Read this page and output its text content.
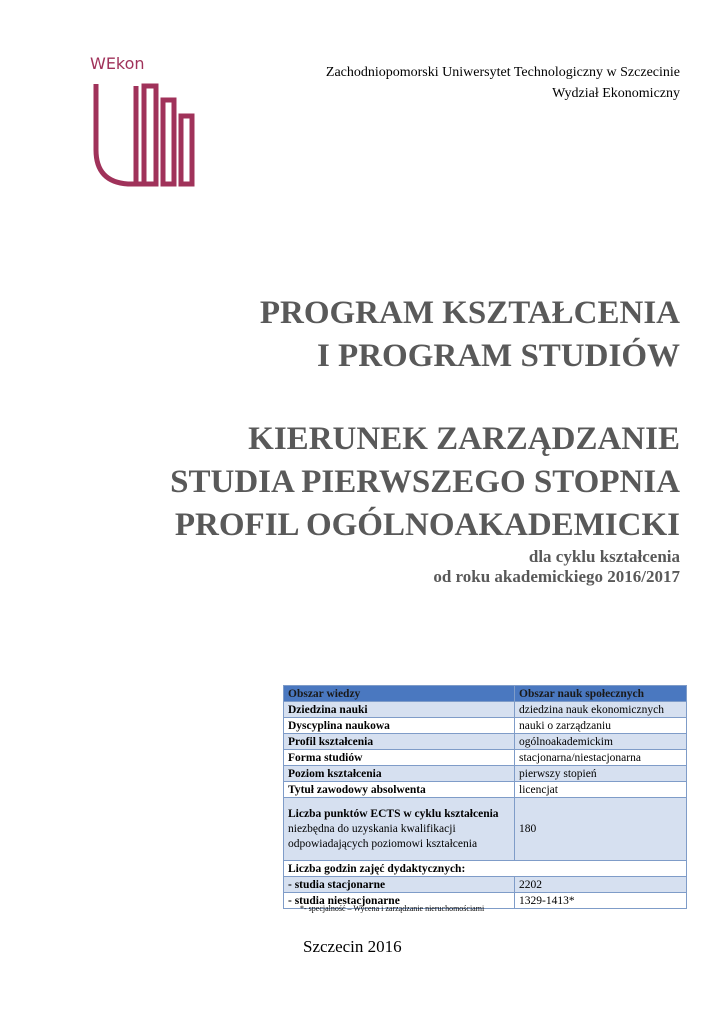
WEkon	Zachodniopomorski Uniwersytet Technologiczny w Szczecinie
Wydział Ekonomiczny

PROGRAM KSZTAŁCENIA

I PROGRAM STUDIÓW

KIERUNEK ZARZĄDZANIE

STUDIA PIERWSZEGO STOPNIA

PROFIL OGÓLNOAKADEMICKI

dla cyklu kształcenia

od roku akademickiego 2016/2017

Obszar wiedzy	Obszar nauk społecznych
Dziedzina nauki	dziedzina nauk ekonomicznych
Dyscyplina naukowa	nauki o zarządzaniu
Profil kształcenia	ogólnoakademickim
Forma studiów	stacjonarna/niestacjonarna
Poziom kształcenia	pierwszy stopień
Tytuł zawodowy absolwenta	licencjat
Liczba punktów ECTS w cyklu kształcenia niezbędna do uzyskania kwalifikacji odpowiadających poziomowi kształcenia	180
Liczba godzin zajęć dydaktycznych:	
- studia stacjonarne	2202
- studia niestacjonarne	1329-1413*
*- specjalność – Wycena i zarządzanie nieruchomościami
Szczecin 2016
